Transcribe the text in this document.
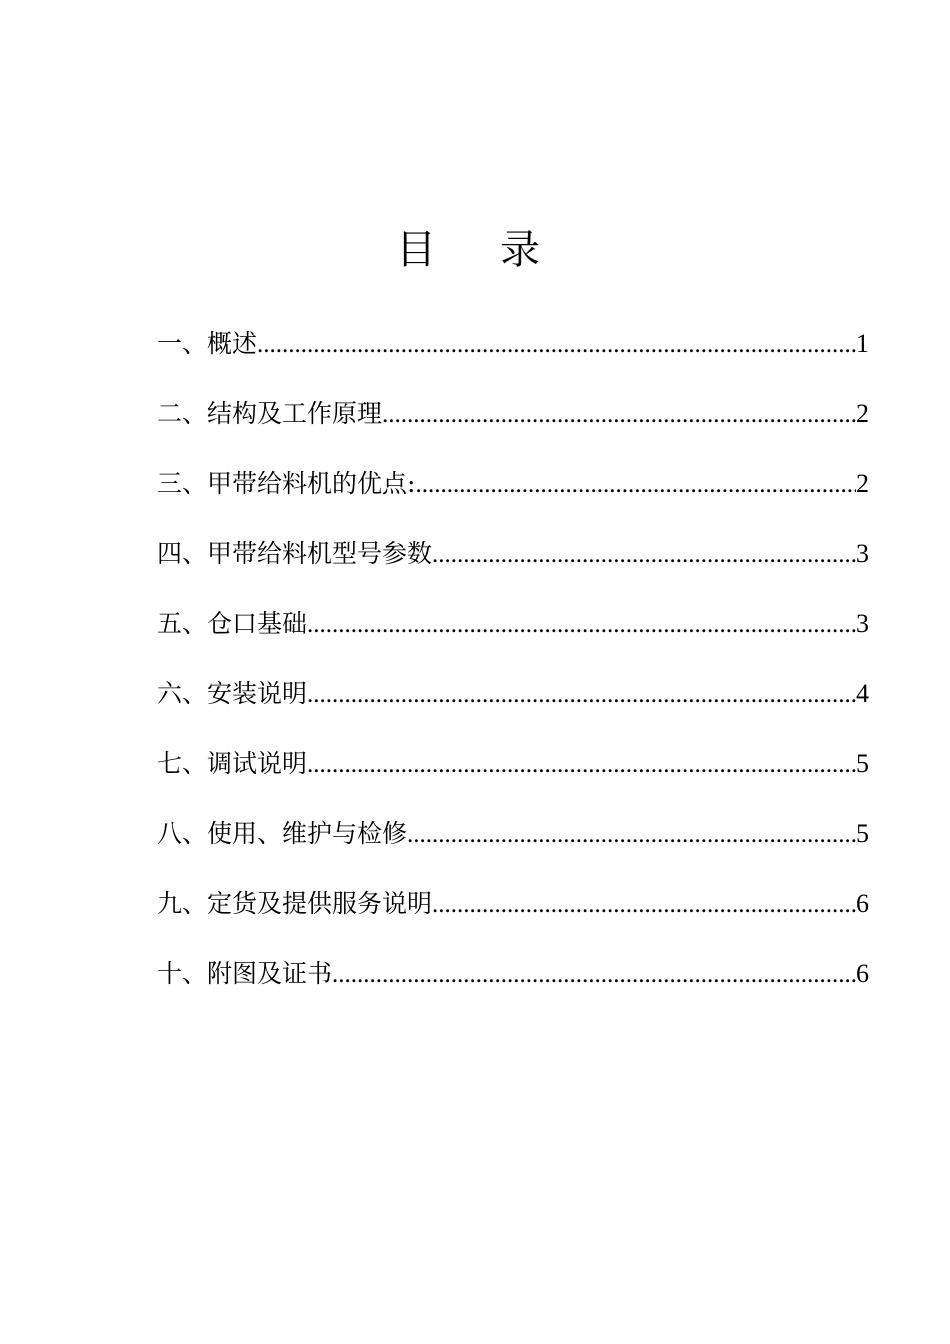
目录
一、概述 .....	1
二、结构及工作原理 .....	2
三、甲带给料机的优点: .....	2
四、甲带给料机型号参数 .....	3
五、仓口基础 .....	3
六、安装说明 .....	4
七、调试说明 .....	5
八、使用、维护与检修 .....	5
九、定货及提供服务说明 .....	6
十、附图及证书 .....	6
